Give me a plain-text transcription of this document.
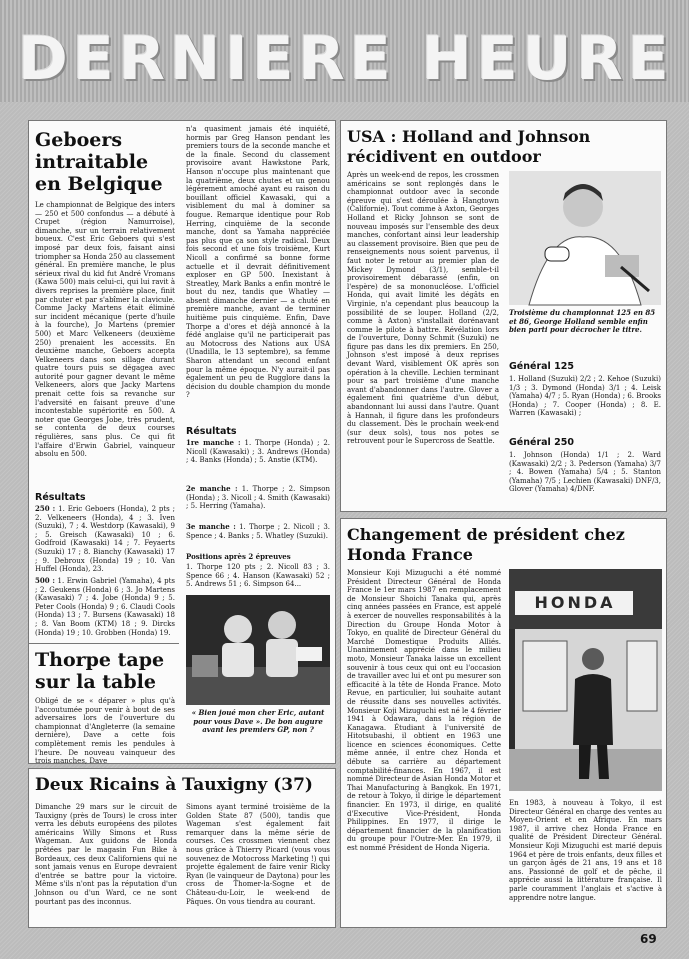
DERNIERE HEURE
Geboers intraitable en Belgique
Le championnat de Belgique des inters — 250 et 500 confondus — a débuté à Crupet (région Namurroise), dimanche, sur un terrain relativement boueux. C'est Eric Geboers qui s'est imposé par deux fois, faisant ainsi triompher sa Honda 250 au classement général. En première manche, le plus sérieux rival du kid fut André Vromans (Kawa 500) mais celui-ci, qui lui ravit à divers reprises la première place, finit par chuter et par s'abîmer la clavicule. Comme Jacky Martens était éliminé sur incident mécanique (perte d'huile à la fourche), Jo Martens (premier 500) et Marc Velkeneers (deuxième 250) prenaient les accessits. En deuxième manche, Geboers accepta Velkeneers dans son sillage durant quatre tours puis se dégagea avec autorité pour gagner devant le même Velkeneers, alors que Jacky Martens prenait cette fois sa revanche sur l'adversité en faisant preuve d'une incontestable supériorité en 500. A noter que Georges Jobe, très prudent, se contenta de deux courses régulières, sans plus. Ce qui fit l'affaire d'Erwin Gabriel, vainqueur absolu en 500.
Résultats
250 : 1. Eric Geboers (Honda), 2 pts ; 2. Velkeneers (Honda), 4 ; 3. Iven (Suzuki), 7 ; 4. Westdorp (Kawasaki), 9 ; 5. Greisch (Kawasaki) 10 ; 6. Godfroid (Kawasaki) 14 ; 7. Feyaerts (Suzuki) 17 ; 8. Bianchy (Kawasaki) 17 ; 9. Debroux (Honda) 19 ; 10. Van Huffel (Honda), 23.
500 : 1. Erwin Gabriel (Yamaha), 4 pts ; 2. Geukens (Honda) 6 ; 3. Jo Martens (Kawasaki) 7 ; 4. Jobe (Honda) 9 ; 5. Peter Cools (Honda) 9 ; 6. Claudi Cools (Honda) 13 ; 7. Bursens (Kawasaki) 18 ; 8. Van Boom (KTM) 18 ; 9. Dircks (Honda) 19 ; 10. Grobben (Honda) 19.
Thorpe tape sur la table
Obligé de se « déparer » plus qu'à l'accoutumée pour venir à bout de ses adversaires lors de l'ouverture du championnat d'Angleterre (la semaine dernière), Dave a cette fois complètement remis les pendules à l'heure. De nouveau vainqueur des trois manches, Dave
n'a quasiment jamais été inquiété, hormis par Greg Hanson pendant les premiers tours de la seconde manche et de la finale. Second du classement provisoire avant Hawkstone Park, Hanson n'occupe plus maintenant que la quatrième, deux chutes et un genou légèrement amoché ayant eu raison du bouillant officiel Kawasaki, qui a visiblement du mal à dominer sa fougue. Remarque identique pour Rob Herring, cinquième de la seconde manche, dont sa Yamaha nappréciée pas plus que ça son style radical. Deux fois second et une fois troisième, Kurt Nicoll a confirmé sa bonne forme actuelle et il devrait définitivement exploser en GP 500. Inexistant à Streatley, Mark Banks a enfin montré le bout du nez, tandis que Whatley — absent dimanche dernier — a chuté en première manche, avant de terminer huitième puis cinquième. Enfin, Dave Thorpe a d'ores et déjà annoncé à la fédé anglaise qu'il ne participerait pas au Motocross des Nations aux USA (Unadilla, le 13 septembre), sa femme Sharon attendant un second enfant pour la même époque. N'y aurait-il pas également un peu de Rugglore dans la décision du double champion du monde ?
Résultats
1re manche : 1. Thorpe (Honda) ; 2. Nicoll (Kawasaki) ; 3. Andrews (Honda) ; 4. Banks (Honda) ; 5. Anstie (KTM).
2e manche : 1. Thorpe ; 2. Simpson (Honda) ; 3. Nicoll ; 4. Smith (Kawasaki) ; 5. Herring (Yamaha).
3e manche : 1. Thorpe ; 2. Nicoll ; 3. Spence ; 4. Banks ; 5. Whatley (Suzuki).
Positions après 2 épreuves
1. Thorpe 120 pts ; 2. Nicoll 83 ; 3. Spence 66 ; 4. Hanson (Kawasaki) 52 ; 5. Andrews 51 ; 6. Simpson 64...
« Bien joué mon cher Eric, autant pour vous Dave ». De bon augure avant les premiers GP, non ?
USA : Holland and Johnson récidivent en outdoor
Après un week-end de repos, les crossmen américains se sont replongés dans le championnat outdoor avec la seconde épreuve qui s'est déroulée à Hangtown (Californie). Tout comme à Axton, Georges Holland et Ricky Johnson se sont de nouveau imposés sur l'ensemble des deux manches, confortant ainsi leur leadership au classement provisoire. Bien que peu de renseignements nous soient parvenus, il faut noter le retour au premier plan de Mickey Dymond (3/1), semble-t-il provisoirement débarassé (enfin, on l'espère) de sa mononucléose. L'officiel Honda, qui avait limité les dégâts en Virginie, n'a cependant plus beaucoup la possibilité de se louper. Holland (2/2, comme à Axton) s'installait dorénavant comme le pilote à battre. Révélation lors de l'ouverture, Donny Schmit (Suzuki) ne figure pas dans les dix premiers. En 250, Johnson s'est imposé à deux reprises devant Ward, visiblement OK après son opération à la cheville. Lechien terminant pour sa part troisième d'une manche avant d'abandonner dans l'autre. Glover a également fini quatrième d'un début, abandonnant lui aussi dans l'autre. Quant à Hannah, il figure dans les profondeurs du classement. Dès le prochain week-end (sur deux sols), tous nos potes se retrouvent pour le Supercross de Seattle.
Troisième du championnat 125 en 85 et 86, George Holland semble enfin bien parti pour décrocher le titre.
Général 125
1. Holland (Suzuki) 2/2 ; 2. Kehoe (Suzuki) 1/3 ; 3. Dymond (Honda) 3/1 ; 4. Leisk (Yamaha) 4/7 ; 5. Ryan (Honda) ; 6. Brooks (Honda) ; 7. Cooper (Honda) ; 8. E. Warren (Kawasaki) ;
Général 250
1. Johnson (Honda) 1/1 ; 2. Ward (Kawasaki) 2/2 ; 3. Pederson (Yamaha) 3/7 ; 4. Bowen (Yamaha) 5/4 ; 5. Stanton (Yamaha) 7/5 ; Lechien (Kawasaki) DNF/3, Glover (Yamaha) 4/DNF.
Changement de président chez Honda France
Monsieur Koji Mizuguchi a été nommé Président Directeur Général de Honda France le 1er mars 1987 en remplacement de Monsieur Shoichi Tanaka qui, après cinq années passées en France, est appelé à exercer de nouvelles responsabilités à la Direction du Groupe Honda Motor à Tokyo, en qualité de Directeur Général du Marché Domestique Produits Alliés. Unanimement apprécié dans le milieu moto, Monsieur Tanaka laisse un excellent souvenir à tous ceux qui ont eu l'occasion de travailler avec lui et ont pu mesurer son efficacité à la tête de Honda France. Moto Revue, en particulier, lui souhaite autant de réussite dans ses nouvelles activités. Monsieur Koji Mizuguchi est né le 4 février 1941 à Odawara, dans la région de Kanagawa. Étudiant à l'université de Hitotsubashi, il obtient en 1963 une licence en sciences économiques. Cette même année, il entre chez Honda et débute sa carrière au département comptabilité-finances. En 1967, il est nommé Directeur de Asian Honda Motor et Thai Manufacturing à Bangkok. En 1971, de retour à Tokyo, il dirige le département financier. En 1973, il dirige, en qualité d'Executive Vice-Président, Honda Philippines. En 1977, il dirige le département financier de la planification du groupe pour l'Outre-Mer. En 1979, il est nommé Président de Honda Nigeria.
HONDA
En 1983, à nouveau à Tokyo, il est Directeur Général en charge des ventes au Moyen-Orient et en Afrique. En mars 1987, il arrive chez Honda France en qualité de Président Directeur Général. Monsieur Koji Mizuguchi est marié depuis 1964 et père de trois enfants, deux filles et un garçon âgés de 21 ans, 19 ans et 18 ans. Passionné de golf et de pêche, il apprécie aussi la littérature française. Il parle couramment l'anglais et s'active à apprendre notre langue.
Deux Ricains à Tauxigny (37)
Dimanche 29 mars sur le circuit de Tauxigny (près de Tours) le cross inter verra les débuts européens des pilotes américains Willy Simons et Russ Wageman. Aux guidons de Honda prêtées par le magasin Fun Bike à Bordeaux, ces deux Californiens qui ne sont jamais venus en Europe devraient d'entrée se battre pour la victoire. Même s'ils n'ont pas la réputation d'un Johnson ou d'un Ward, ce ne sont pourtant pas des inconnus.
Simons ayant terminé troisième de la Golden State 87 (500), tandis que Wageman s'est également fait remarquer dans la même série de courses. Ces crossmen viennent chez nous grâce à Thierry Picard (vous vous souvenez de Motocross Marketing !) qui projette également de faire venir Ricky Ryan (le vainqueur de Daytona) pour les cross de Thomer-la-Sogne et de Château-du-Loir, le week-end de Pâques. On vous tiendra au courant.
69
